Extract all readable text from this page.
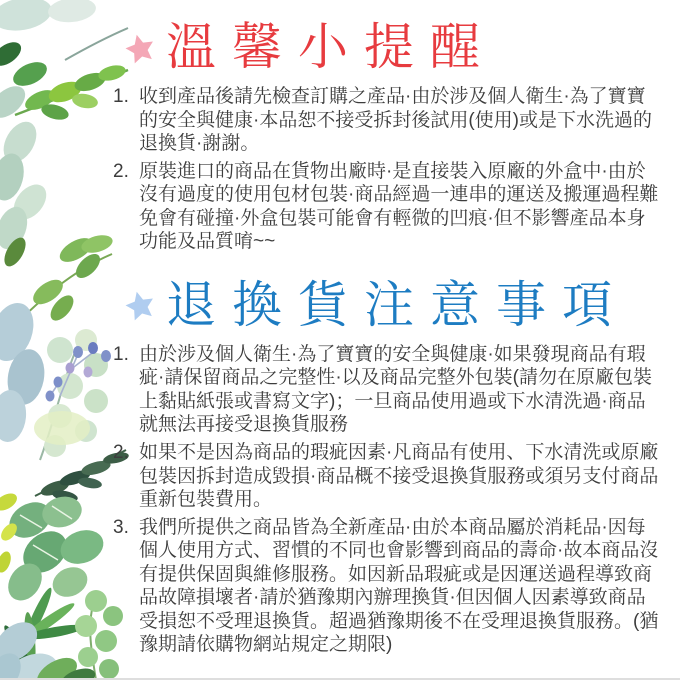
溫馨小提醒
1. 收到產品後請先檢查訂購之產品·由於涉及個人衛生·為了寶寶的安全與健康·本品恕不接受拆封後試用(使用)或是下水洗過的退換貨·謝謝。
2. 原裝進口的商品在貨物出廠時·是直接裝入原廠的外盒中·由於沒有過度的使用包材包裝·商品經過一連串的運送及搬運過程難免會有碰撞·外盒包裝可能會有輕微的凹痕·但不影響產品本身功能及品質唷~~
退換貨注意事項
1. 由於涉及個人衛生·為了寶寶的安全與健康·如果發現商品有瑕疵·請保留商品之完整性·以及商品完整外包裝(請勿在原廠包裝上黏貼紙張或書寫文字)；一旦商品使用過或下水清洗過·商品就無法再接受退換貨服務
2. 如果不是因為商品的瑕疵因素·凡商品有使用、下水清洗或原廠包裝因拆封造成毀損·商品概不接受退換貨服務或須另支付商品重新包裝費用。
3. 我們所提供之商品皆為全新產品·由於本商品屬於消耗品·因每個人使用方式、習慣的不同也會影響到商品的壽命·故本商品沒有提供保固與維修服務。如因新品瑕疵或是因運送過程導致商品故障損壞者·請於猶豫期內辦理換貨·但因個人因素導致商品受損恕不受理退換貨。超過猶豫期後不在受理退換貨服務。(猶豫期請依購物網站規定之期限)
